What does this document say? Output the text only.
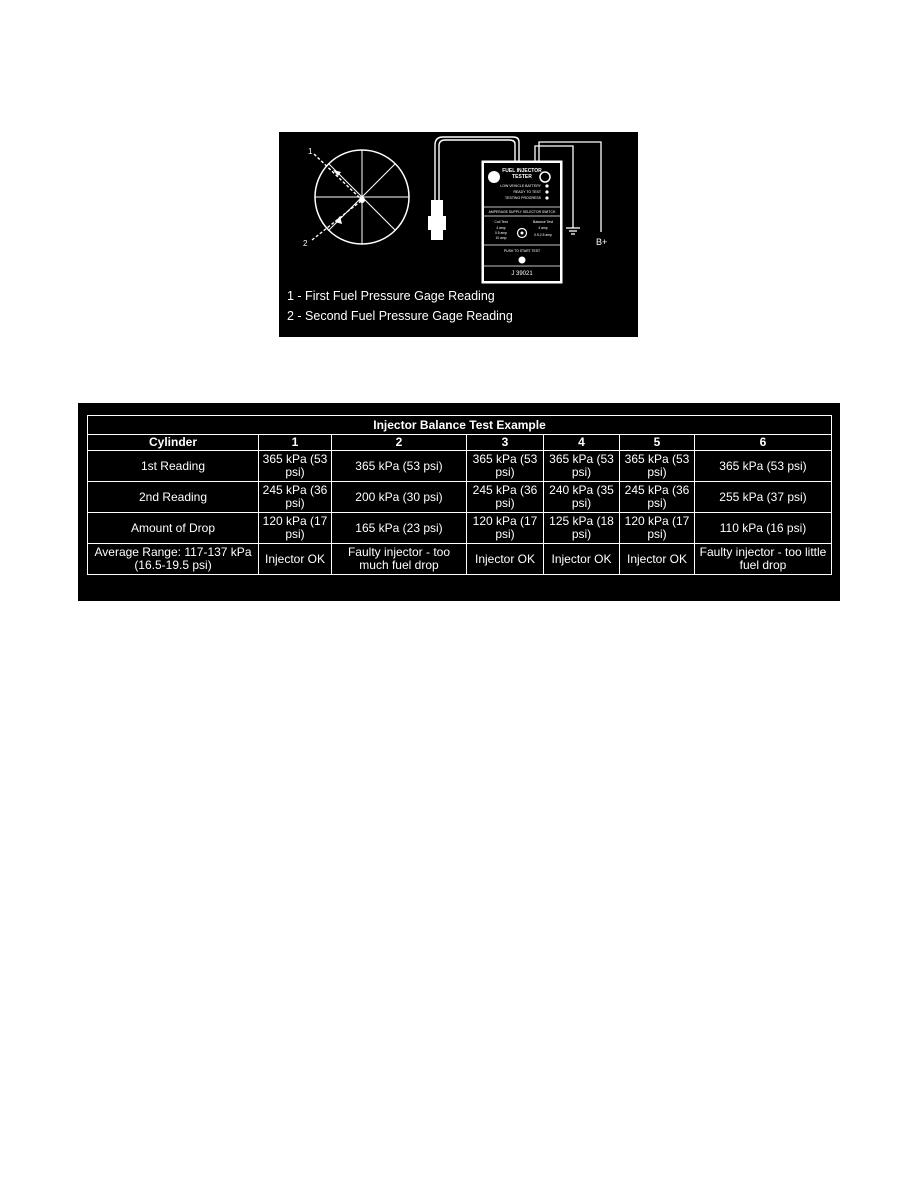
1
2	B+
FUEL INJECTOR
TESTER
LOW VEHICLE BATTERY
READY TO TEST
TESTING PROGRESS
AMPERAGE SUPPLY SELECTOR SWITCH
Coil Test
4 amp
0.5 amp
10 amp
Balance Test
4 amp
0.5-2.5 amp
PUSH TO START TEST
J 39021
1 - First Fuel Pressure Gage Reading
2 - Second Fuel Pressure Gage Reading
Injector Balance Test Example
Cylinder	1	2	3	4	5	6
1st Reading	365 kPa (53 psi)	365 kPa (53 psi)	365 kPa (53 psi)	365 kPa (53 psi)	365 kPa (53 psi)	365 kPa (53 psi)
2nd Reading	245 kPa (36 psi)	200 kPa (30 psi)	245 kPa (36 psi)	240 kPa (35 psi)	245 kPa (36 psi)	255 kPa (37 psi)
Amount of Drop	120 kPa (17 psi)	165 kPa (23 psi)	120 kPa (17 psi)	125 kPa (18 psi)	120 kPa (17 psi)	110 kPa (16 psi)
Average Range: 117-137 kPa (16.5-19.5 psi)	Injector OK	Faulty injector - too much fuel drop	Injector OK	Injector OK	Injector OK	Faulty injector - too little fuel drop
